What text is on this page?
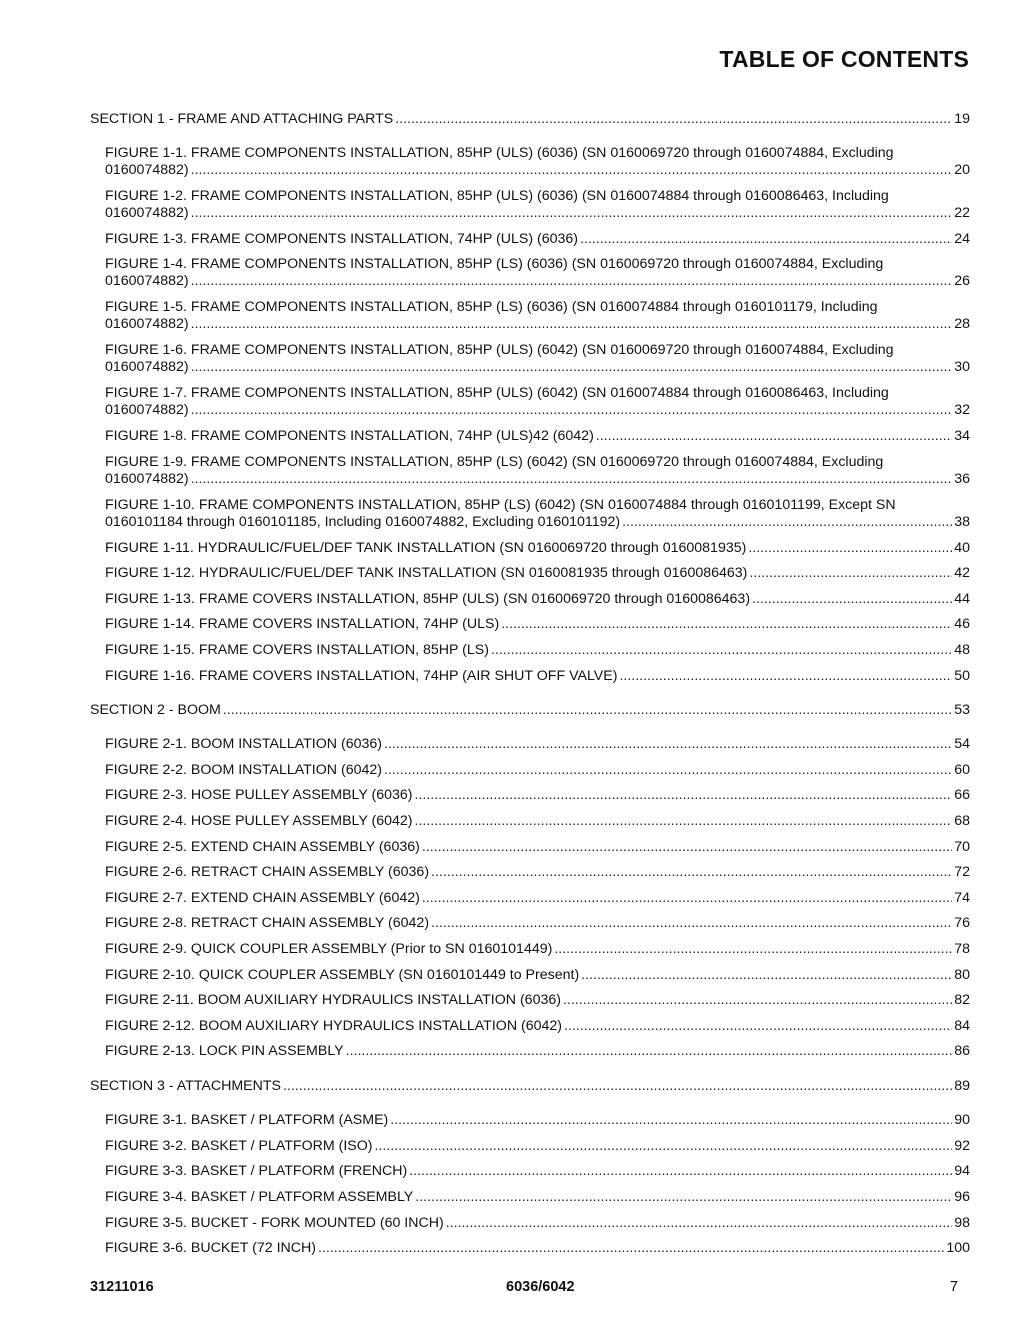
TABLE OF CONTENTS
SECTION 1 - FRAME AND ATTACHING PARTS .....	19
FIGURE 1-1. FRAME COMPONENTS INSTALLATION, 85HP (ULS) (6036) (SN 0160069720 through 0160074884, Excluding
0160074882) .....	20
FIGURE 1-2. FRAME COMPONENTS INSTALLATION, 85HP (ULS) (6036) (SN 0160074884 through 0160086463, Including
0160074882) .....	22
FIGURE 1-3. FRAME COMPONENTS INSTALLATION, 74HP (ULS) (6036) .....	24
FIGURE 1-4. FRAME COMPONENTS INSTALLATION, 85HP (LS) (6036) (SN 0160069720 through 0160074884, Excluding
0160074882) .....	26
FIGURE 1-5. FRAME COMPONENTS INSTALLATION, 85HP (LS) (6036) (SN 0160074884 through 0160101179, Including
0160074882) .....	28
FIGURE 1-6. FRAME COMPONENTS INSTALLATION, 85HP (ULS) (6042) (SN 0160069720 through 0160074884, Excluding
0160074882) .....	30
FIGURE 1-7. FRAME COMPONENTS INSTALLATION, 85HP (ULS) (6042) (SN 0160074884 through 0160086463, Including
0160074882) .....	32
FIGURE 1-8. FRAME COMPONENTS INSTALLATION, 74HP (ULS)42 (6042) .....	34
FIGURE 1-9. FRAME COMPONENTS INSTALLATION, 85HP (LS) (6042) (SN 0160069720 through 0160074884, Excluding
0160074882) .....	36
FIGURE 1-10. FRAME COMPONENTS INSTALLATION, 85HP (LS) (6042) (SN 0160074884 through 0160101199, Except SN
0160101184 through 0160101185, Including 0160074882, Excluding 0160101192) .....	38
FIGURE 1-11. HYDRAULIC/FUEL/DEF TANK INSTALLATION (SN 0160069720 through 0160081935) .....	40
FIGURE 1-12. HYDRAULIC/FUEL/DEF TANK INSTALLATION (SN 0160081935 through 0160086463) .....	42
FIGURE 1-13. FRAME COVERS INSTALLATION, 85HP (ULS) (SN 0160069720 through 0160086463) .....	44
FIGURE 1-14. FRAME COVERS INSTALLATION, 74HP (ULS) .....	46
FIGURE 1-15. FRAME COVERS INSTALLATION, 85HP (LS) .....	48
FIGURE 1-16. FRAME COVERS INSTALLATION, 74HP (AIR SHUT OFF VALVE) .....	50
SECTION 2 - BOOM .....	53
FIGURE 2-1. BOOM INSTALLATION (6036) .....	54
FIGURE 2-2. BOOM INSTALLATION (6042) .....	60
FIGURE 2-3. HOSE PULLEY ASSEMBLY (6036) .....	66
FIGURE 2-4. HOSE PULLEY ASSEMBLY (6042) .....	68
FIGURE 2-5. EXTEND CHAIN ASSEMBLY (6036) .....	70
FIGURE 2-6. RETRACT CHAIN ASSEMBLY (6036) .....	72
FIGURE 2-7. EXTEND CHAIN ASSEMBLY (6042) .....	74
FIGURE 2-8. RETRACT CHAIN ASSEMBLY (6042) .....	76
FIGURE 2-9. QUICK COUPLER ASSEMBLY (Prior to SN 0160101449) .....	78
FIGURE 2-10. QUICK COUPLER ASSEMBLY (SN 0160101449 to Present) .....	80
FIGURE 2-11. BOOM AUXILIARY HYDRAULICS INSTALLATION (6036) .....	82
FIGURE 2-12. BOOM AUXILIARY HYDRAULICS INSTALLATION (6042) .....	84
FIGURE 2-13. LOCK PIN ASSEMBLY .....	86
SECTION 3 - ATTACHMENTS .....	89
FIGURE 3-1. BASKET / PLATFORM (ASME) .....	90
FIGURE 3-2. BASKET / PLATFORM (ISO) .....	92
FIGURE 3-3. BASKET / PLATFORM (FRENCH) .....	94
FIGURE 3-4. BASKET / PLATFORM ASSEMBLY .....	96
FIGURE 3-5. BUCKET - FORK MOUNTED (60 INCH) .....	98
FIGURE 3-6. BUCKET (72 INCH) .....	100
31211016	6036/6042	7
